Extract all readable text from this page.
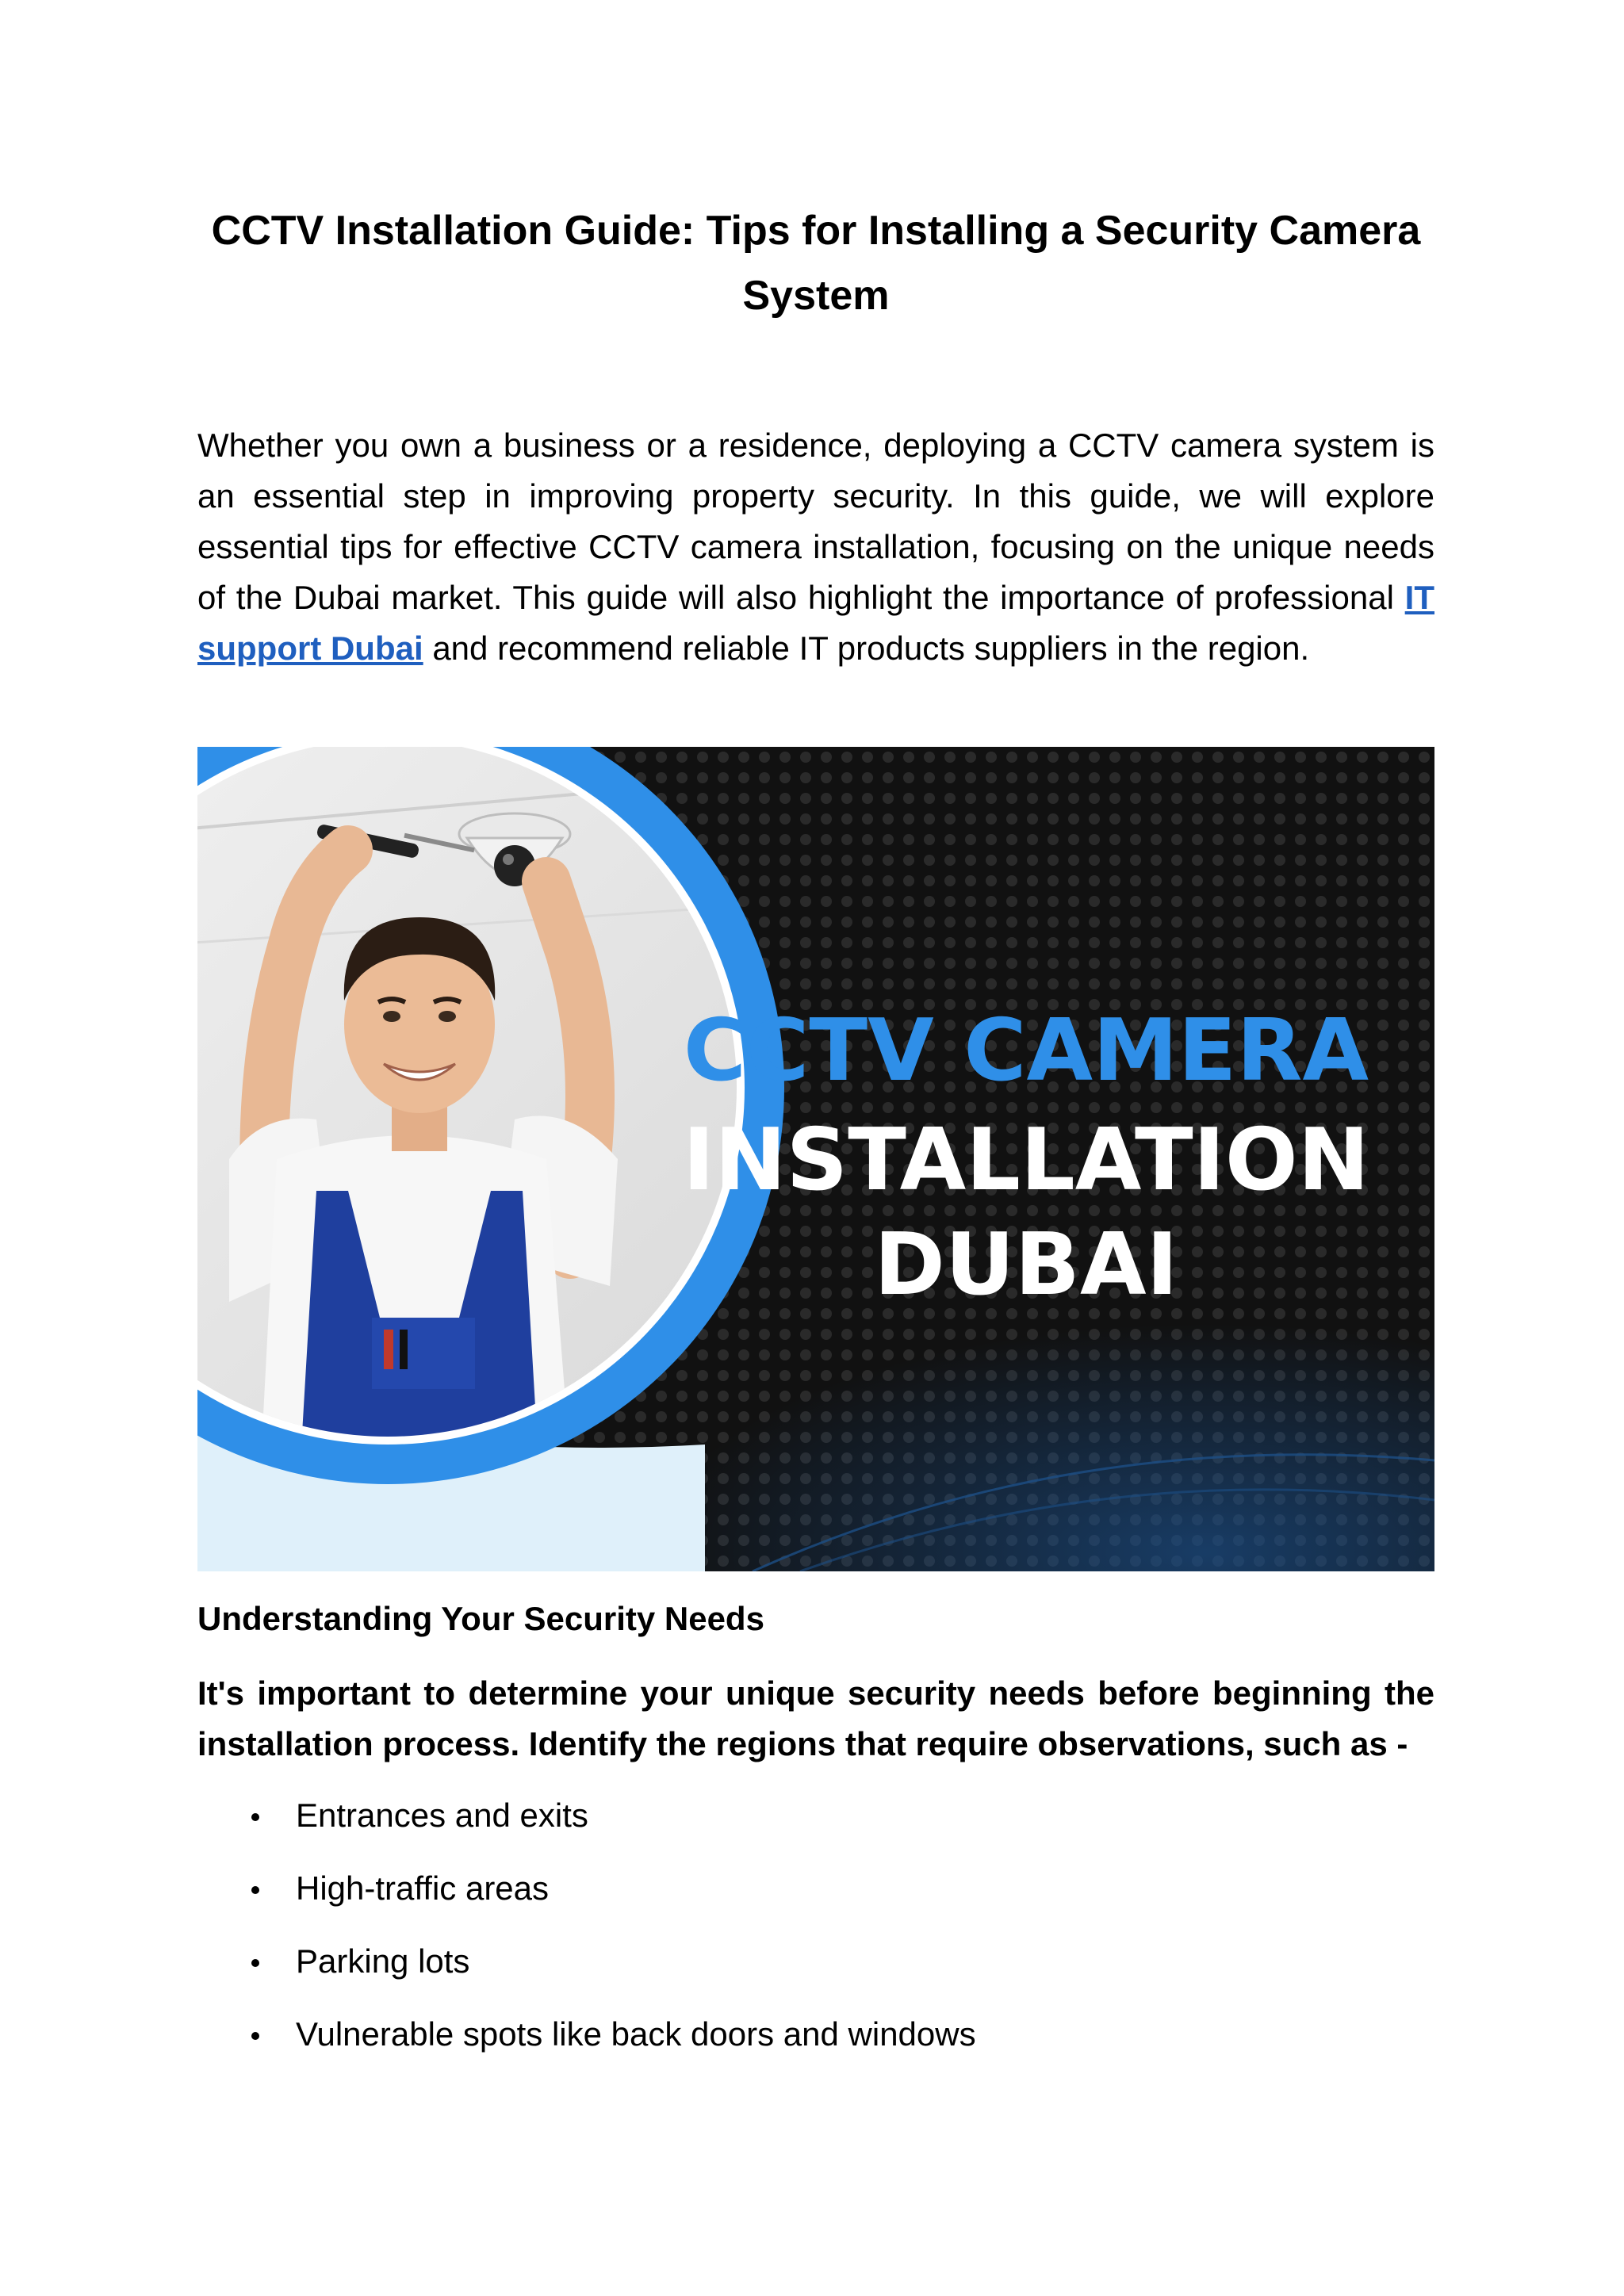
CCTV Installation Guide: Tips for Installing a Security Camera System

Whether you own a business or a residence, deploying a CCTV camera system is an essential step in improving property security. In this guide, we will explore essential tips for effective CCTV camera installation, focusing on the unique needs of the Dubai market. This guide will also highlight the importance of professional IT support Dubai and recommend reliable IT products suppliers in the region.

CCTV CAMERA
INSTALLATION
DUBAI
Understanding Your Security Needs

It's important to determine your unique security needs before beginning the installation process. Identify the regions that require observations, such as -

Entrances and exits
High-traffic areas
Parking lots
Vulnerable spots like back doors and windows
